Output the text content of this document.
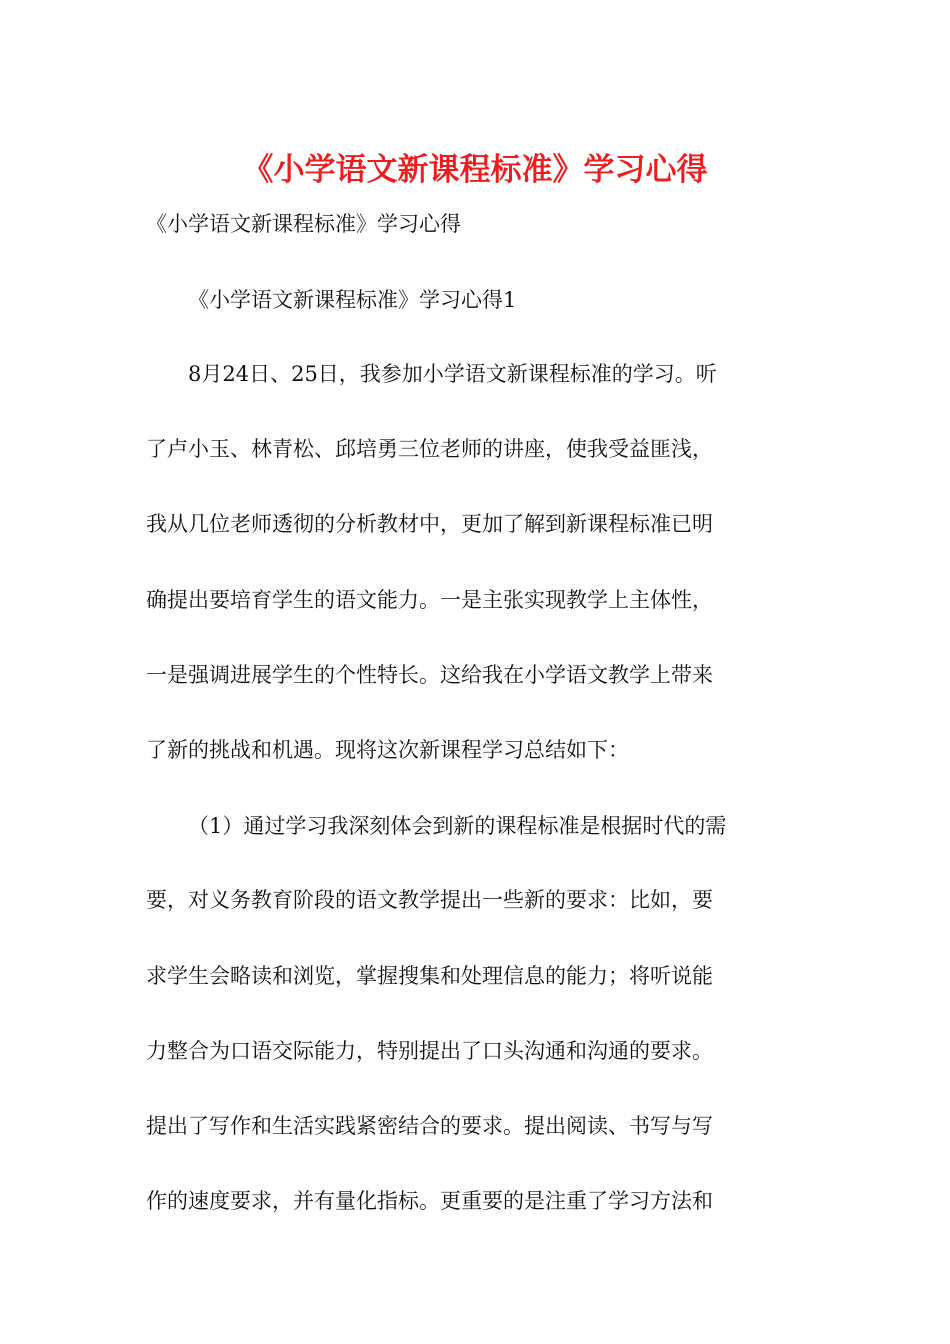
《小学语文新课程标准》学习心得
《小学语文新课程标准》学习心得
《小学语文新课程标准》学习心得1
8月24日、25日，我参加小学语文新课程标准的学习。听
了卢小玉、林青松、邱培勇三位老师的讲座，使我受益匪浅，
我从几位老师透彻的分析教材中，更加了解到新课程标准已明
确提出要培育学生的语文能力。一是主张实现教学上主体性，
一是强调进展学生的个性特长。这给我在小学语文教学上带来
了新的挑战和机遇。现将这次新课程学习总结如下：
（1）通过学习我深刻体会到新的课程标准是根据时代的需
要，对义务教育阶段的语文教学提出一些新的要求：比如，要
求学生会略读和浏览，掌握搜集和处理信息的能力；将听说能
力整合为口语交际能力，特别提出了口头沟通和沟通的要求。
提出了写作和生活实践紧密结合的要求。提出阅读、书写与写
作的速度要求，并有量化指标。更重要的是注重了学习方法和
